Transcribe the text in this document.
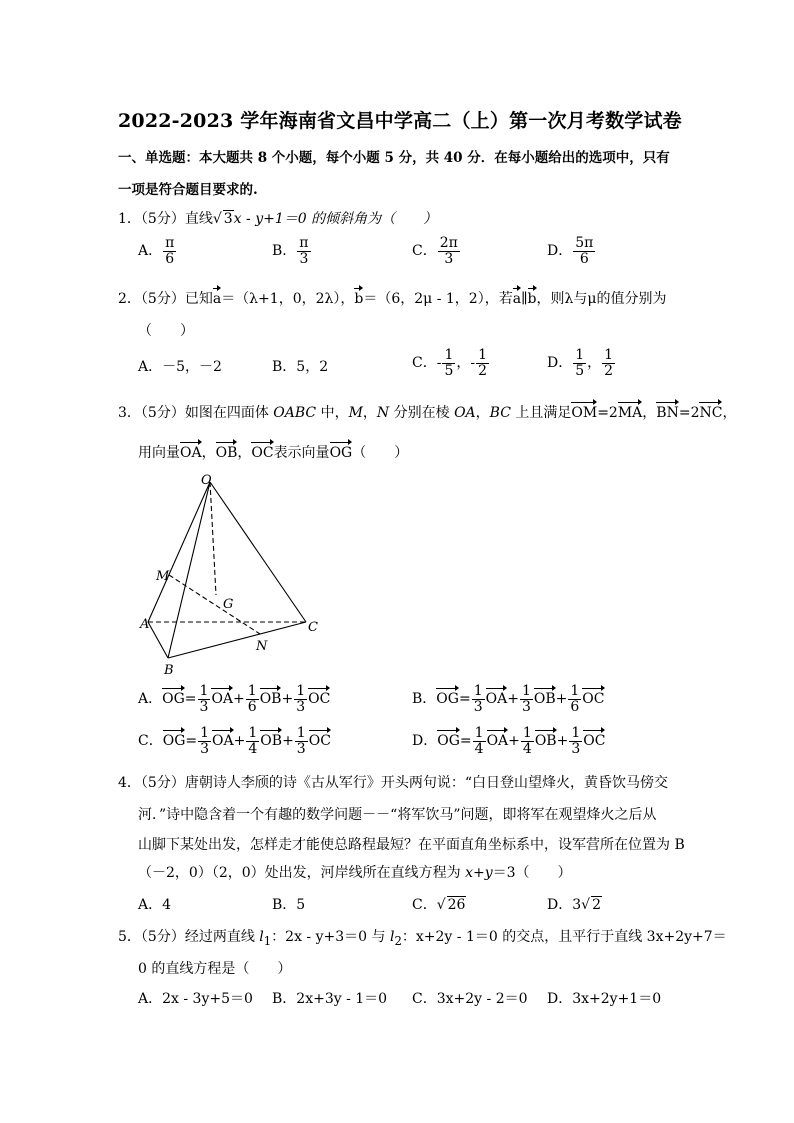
2022-2023 学年海南省文昌中学高二（上）第一次月考数学试卷
一、单选题：本大题共 8 个小题，每个小题 5 分，共 40 分．在每小题给出的选项中，只有
一项是符合题目要求的.
1．（5分）直线√ 3x - y+1＝0 的倾斜角为（　　）
A． $\frac{\pi}{6}$	B． $\frac{\pi}{3}$	C． $\frac{2\pi}{3}$	D． $\frac{5\pi}{6}$
2．（5分）已知a＝（λ+1，0，2λ），b＝（6，2μ - 1，2），若a∥b，则λ与μ的值分别为
（　　）
A．－5，－2	B．5，2	C．- $\frac{1}{5}$ ，- $\frac{1}{2}$	D． $\frac{1}{5}$ ， $\frac{1}{2}$
3．（5分）如图在四面体 OABC 中，M，N 分别在棱 OA，BC 上且满足OM=2MA，BN=2NC，
用向量OA，OB，OC表示向量OG（　　）
O
M
G
A	C
N
B
A．$OG= \frac{1}{3} OA+ \frac{1}{6} OB+ \frac{1}{3}$ OC	B．$OG= \frac{1}{3} OA+ \frac{1}{3} OB+ \frac{1}{6}$ OC
C．$OG= \frac{1}{3} OA+ \frac{1}{4} OB+ \frac{1}{3}$ OC	D．$OG= \frac{1}{4} OA+ \frac{1}{4} OB+ \frac{1}{3}$ OC
4．（5分）唐朝诗人李颀的诗《古从军行》开头两句说：“白日登山望烽火，黄昏饮马傍交
河．”诗中隐含着一个有趣的数学问题－－“将军饮马”问题，即将军在观望烽火之后从
山脚下某处出发，怎样走才能使总路程最短？在平面直角坐标系中，设军营所在位置为 B
（－2，0）（2，0）处出发，河岸线所在直线方程为 x+y＝3（　　）
A．4	B．5	C．√ 26	D．3√ 2
5．（5分）经过两直线 $l_1$：2x - y+3＝0 与 $l_2$：x+2y - 1＝0 的交点，且平行于直线 3x+2y+7＝
0 的直线方程是（　　）
A．2x - 3y+5＝0 B．2x+3y - 1＝0 C．3x+2y - 2＝0 D．3x+2y+1＝0
